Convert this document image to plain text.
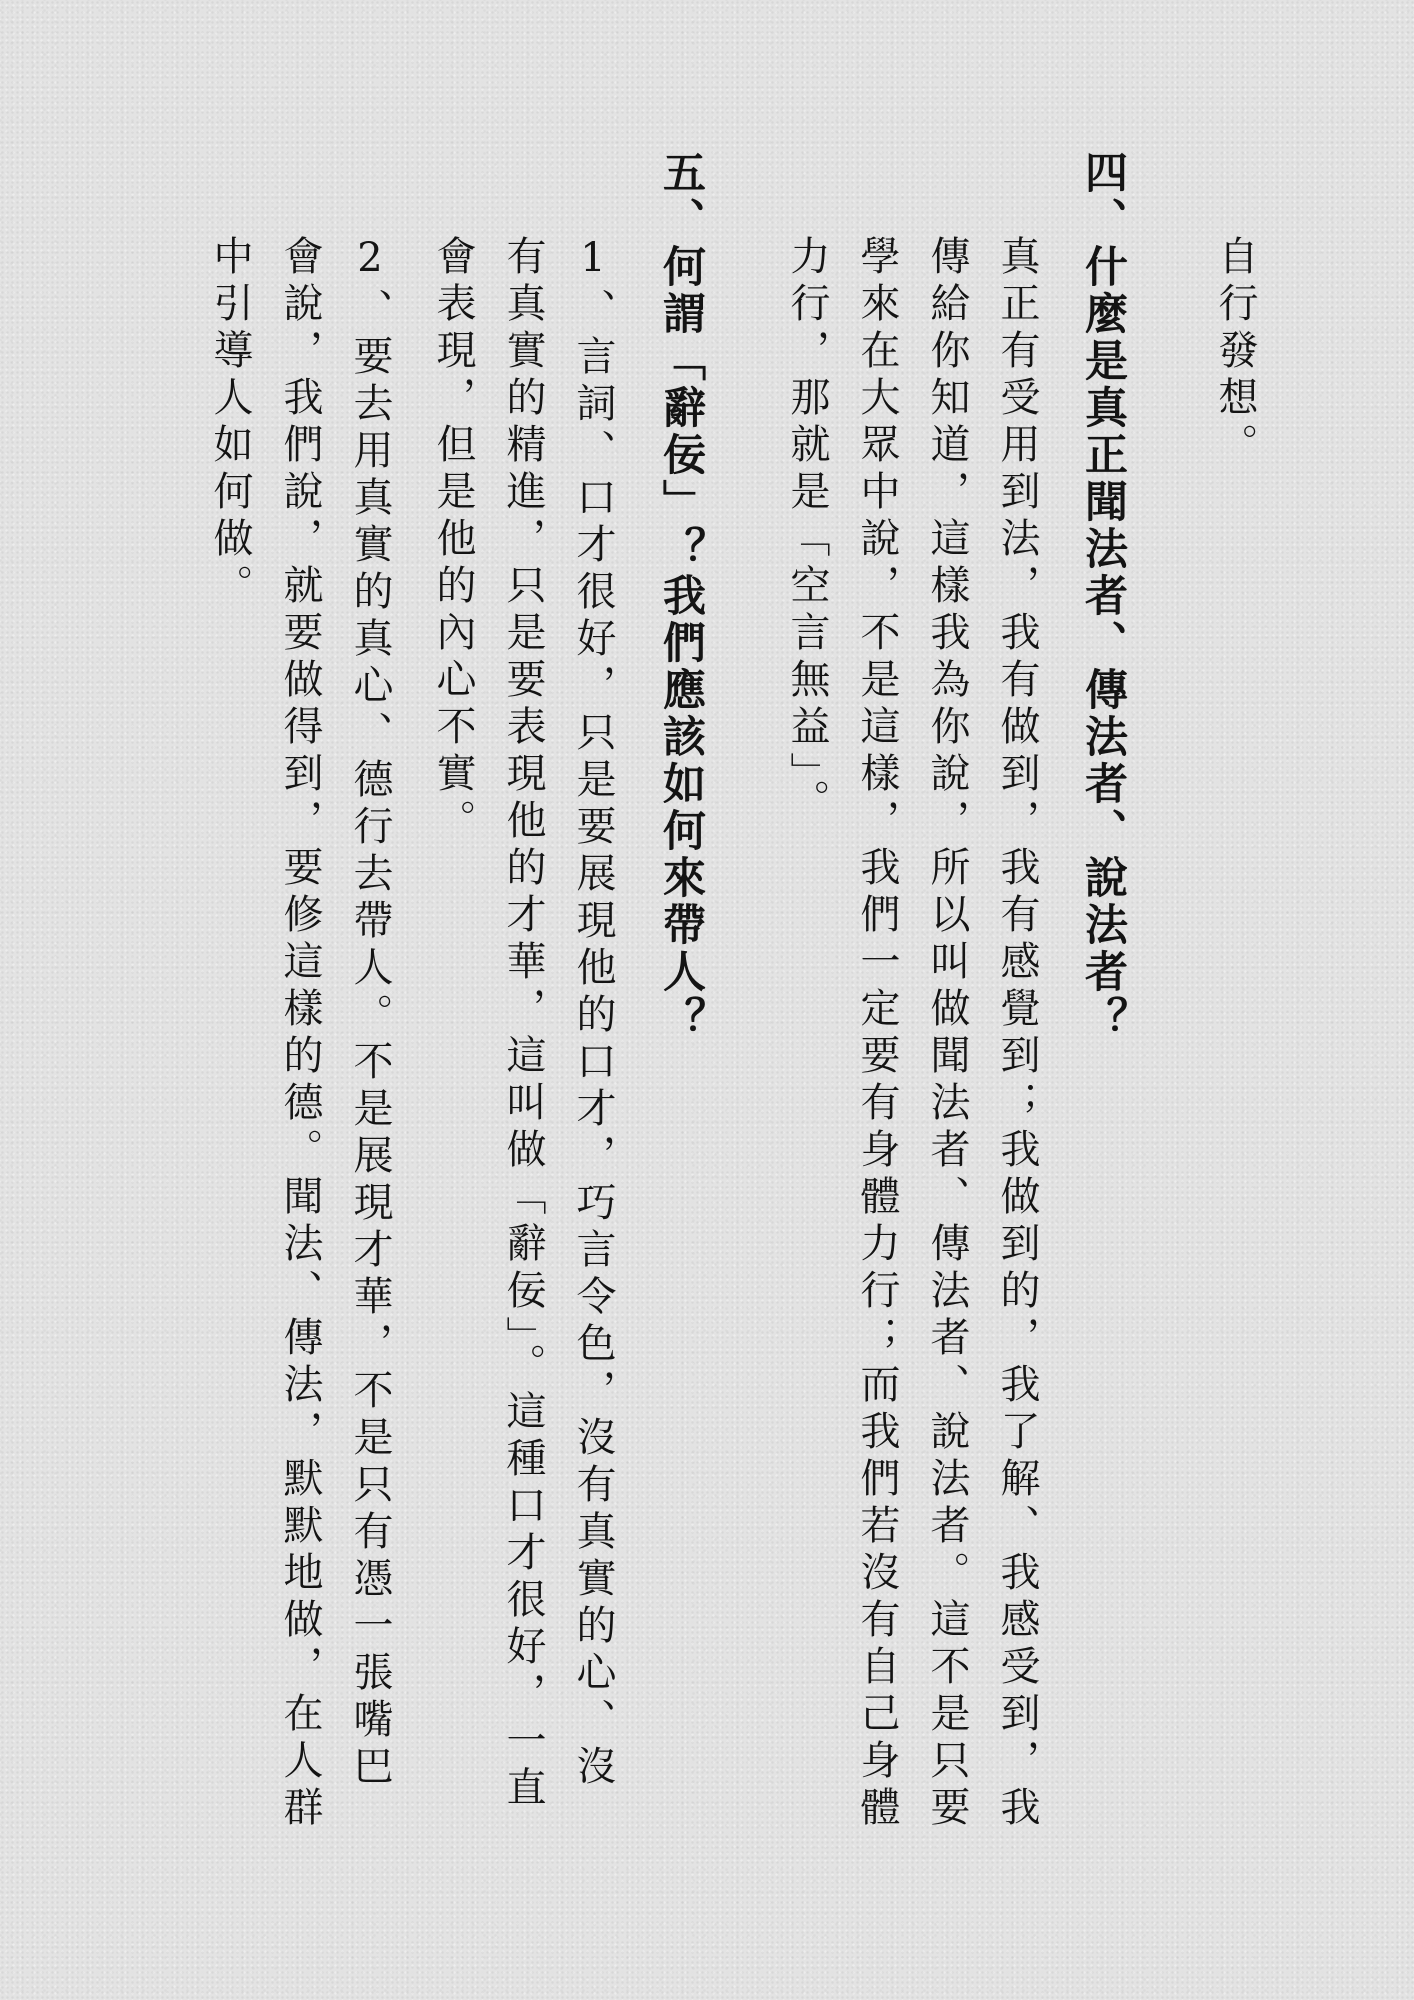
自行發想。

四、什麼是真正聞法者、傳法者、說法者？

真正有受用到法，我有做到，我有感覺到；我做到的，我了解、我感受到，我傳給你知道，這樣我為你說，所以叫做聞法者、傳法者、說法者。這不是只要學來在大眾中說，不是這樣，我們一定要有身體力行；而我們若沒有自己身體力行，那就是「空言無益」。

五、何謂「辭佞」？我們應該如何來帶人？

1、言詞、口才很好，只是要展現他的口才，巧言令色，沒有真實的心、沒有真實的精進，只是要表現他的才華，這叫做「辭佞」。這種口才很好，一直會表現，但是他的內心不實。

2、要去用真實的真心、德行去帶人。不是展現才華，不是只有憑一張嘴巴會說，我們說，就要做得到，要修這樣的德。聞法、傳法，默默地做，在人群中引導人如何做。
